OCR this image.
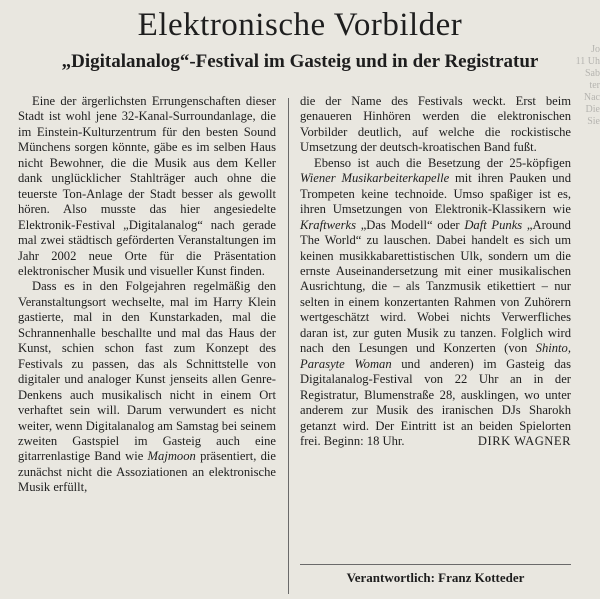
Jo
11 Uh
Sab
ter
Nac
Die
Sie
Elektronische Vorbilder
„Digitalanalog“-Festival im Gasteig und in der Registratur

Eine der ärgerlichsten Errungenschaften dieser Stadt ist wohl jene 32-Kanal-Surroundanlage, die im Einstein-Kulturzentrum für den besten Sound Münchens sorgen könnte, gäbe es im selben Haus nicht Bewohner, die die Musik aus dem Keller dank unglücklicher Stahlträger auch ohne die teuerste Ton-Anlage der Stadt besser als gewollt hören. Also musste das hier angesiedelte Elektronik-Festival „Digitalanalog“ nach gerade mal zwei städtisch geförderten Veranstaltungen im Jahr 2002 neue Orte für die Präsentation elektronischer Musik und visueller Kunst finden.

Dass es in den Folgejahren regelmäßig den Veranstaltungsort wechselte, mal im Harry Klein gastierte, mal in den Kunstarkaden, mal die Schrannenhalle beschallte und mal das Haus der Kunst, schien schon fast zum Konzept des Festivals zu passen, das als Schnittstelle von digitaler und analoger Kunst jenseits allen Genre-Denkens auch musikalisch nicht in einem Ort verhaftet sein will. Darum verwundert es nicht weiter, wenn Digitalanalog am Samstag bei seinem zweiten Gastspiel im Gasteig auch eine gitarrenlastige Band wie Majmoon präsentiert, die zunächst nicht die Assoziationen an elektronische Musik erfüllt,

die der Name des Festivals weckt. Erst beim genaueren Hinhören werden die elektronischen Vorbilder deutlich, auf welche die rockistische Umsetzung der deutsch-kroatischen Band fußt.

Ebenso ist auch die Besetzung der 25-köpfigen Wiener Musikarbeiterkapelle mit ihren Pauken und Trompeten keine technoide. Umso spaßiger ist es, ihren Umsetzungen von Elektronik-Klassikern wie Kraftwerks „Das Modell“ oder Daft Punks „Around The World“ zu lauschen. Dabei handelt es sich um keinen musikkabarettistischen Ulk, sondern um die ernste Auseinandersetzung mit einer musikalischen Ausrichtung, die – als Tanzmusik etikettiert – nur selten in einem konzertanten Rahmen von Zuhörern wertgeschätzt wird. Wobei nichts Verwerfliches daran ist, zur guten Musik zu tanzen. Folglich wird nach den Lesungen und Konzerten (von Shinto, Parasyte Woman und anderen) im Gasteig das Digitalanalog-Festival von 22 Uhr an in der Registratur, Blumenstraße 28, ausklingen, wo unter anderem zur Musik des iranischen DJs Sharokh getanzt wird. Der Eintritt ist an beiden Spielorten frei. Beginn: 18 Uhr.	DIRK WAGNER
Verantwortlich: Franz Kotteder
